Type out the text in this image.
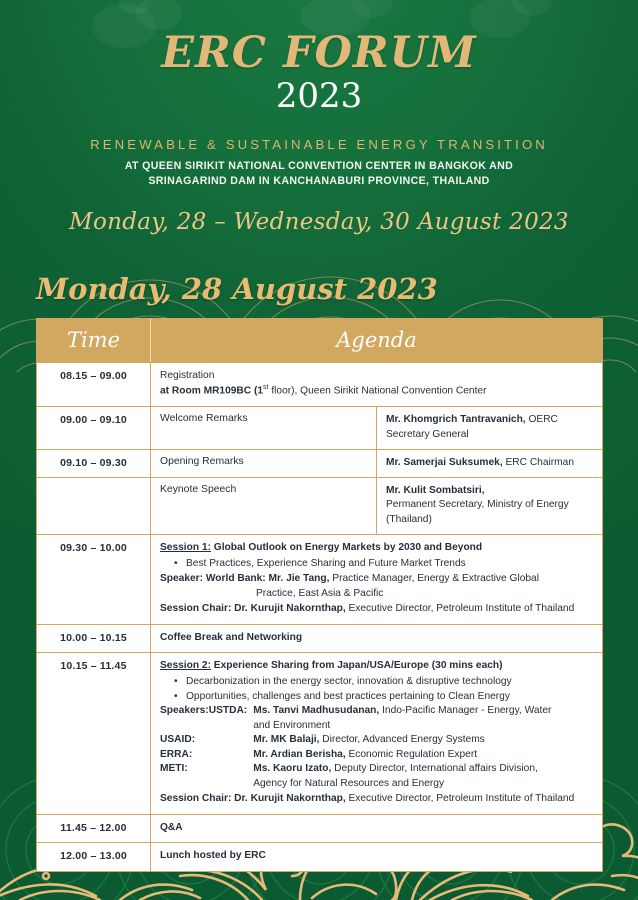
ERC FORUM
2023
RENEWABLE & SUSTAINABLE ENERGY TRANSITION
AT QUEEN SIRIKIT NATIONAL CONVENTION CENTER IN BANGKOK AND
SRINAGARIND DAM IN KANCHANABURI PROVINCE, THAILAND
Monday, 28 – Wednesday, 30 August 2023
Monday, 28 August 2023
Time	Agenda	
08.15 – 09.00	Registration
at Room MR109BC (1st floor), Queen Sirikit National Convention Center	

09.00 – 09.10	Welcome Remarks	Mr. Khomgrich Tantravanich, OERC Secretary General
09.10 – 09.30	Opening Remarks	Mr. Samerjai Suksumek, ERC Chairman
	Keynote Speech	Mr. Kulit Sombatsiri,
Permanent Secretary, Ministry of Energy (Thailand)

09.30 – 10.00	Session 1: Global Outlook on Energy Markets by 2030 and Beyond
• Best Practices, Experience Sharing and Future Market Trends
Speaker: World Bank: Mr. Jie Tang, Practice Manager, Energy & Extractive Global
Practice, East Asia & Pacific
Session Chair: Dr. Kurujit Nakornthap, Executive Director, Petroleum Institute of Thailand

10.00 – 10.15	Coffee Break and Networking	
10.15 – 11.45	Session 2: Experience Sharing from Japan/USA/Europe (30 mins each)
• Decarbonization in the energy sector, innovation & disruptive technology
• Opportunities, challenges and best practices pertaining to Clean Energy
Speakers:USTDA:	Ms. Tanvi Madhusudanan, Indo-Pacific Manager - Energy, Water
and Environment

USAID:	Mr. MK Balaji, Director, Advanced Energy Systems
ERRA:	Mr. Ardian Berisha, Economic Regulation Expert
METI:	Ms. Kaoru Izato, Deputy Director, International affairs Division,
Agency for Natural Resources and Energy
Session Chair: Dr. Kurujit Nakornthap, Executive Director, Petroleum Institute of Thailand

11.45 – 12.00	Q&A	
12.00 – 13.00	Lunch hosted by ERC	
